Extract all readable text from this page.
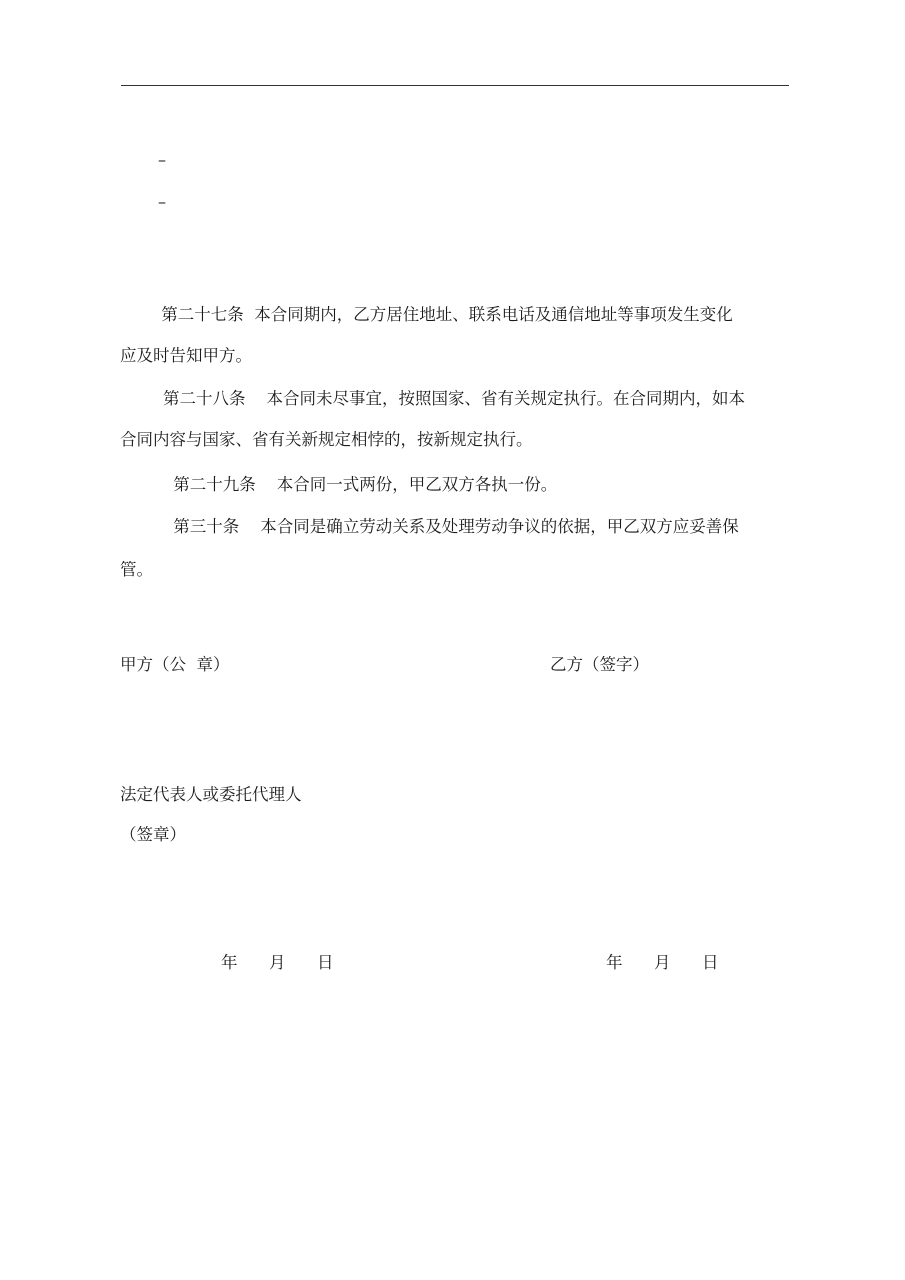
–
–

第二十七条  本合同期内，乙方居住地址、联系电话及通信地址等事项发生变化

应及时告知甲方。

第二十八条    本合同未尽事宜，按照国家、省有关规定执行。在合同期内，如本

合同内容与国家、省有关新规定相悖的，按新规定执行。

第二十九条    本合同一式两份，甲乙双方各执一份。

第三十条    本合同是确立劳动关系及处理劳动争议的依据，甲乙双方应妥善保

管。

甲方（公  章）	乙方（签字）
法定代表人或委托代理人
（签章）
年      月      日	年      月      日
